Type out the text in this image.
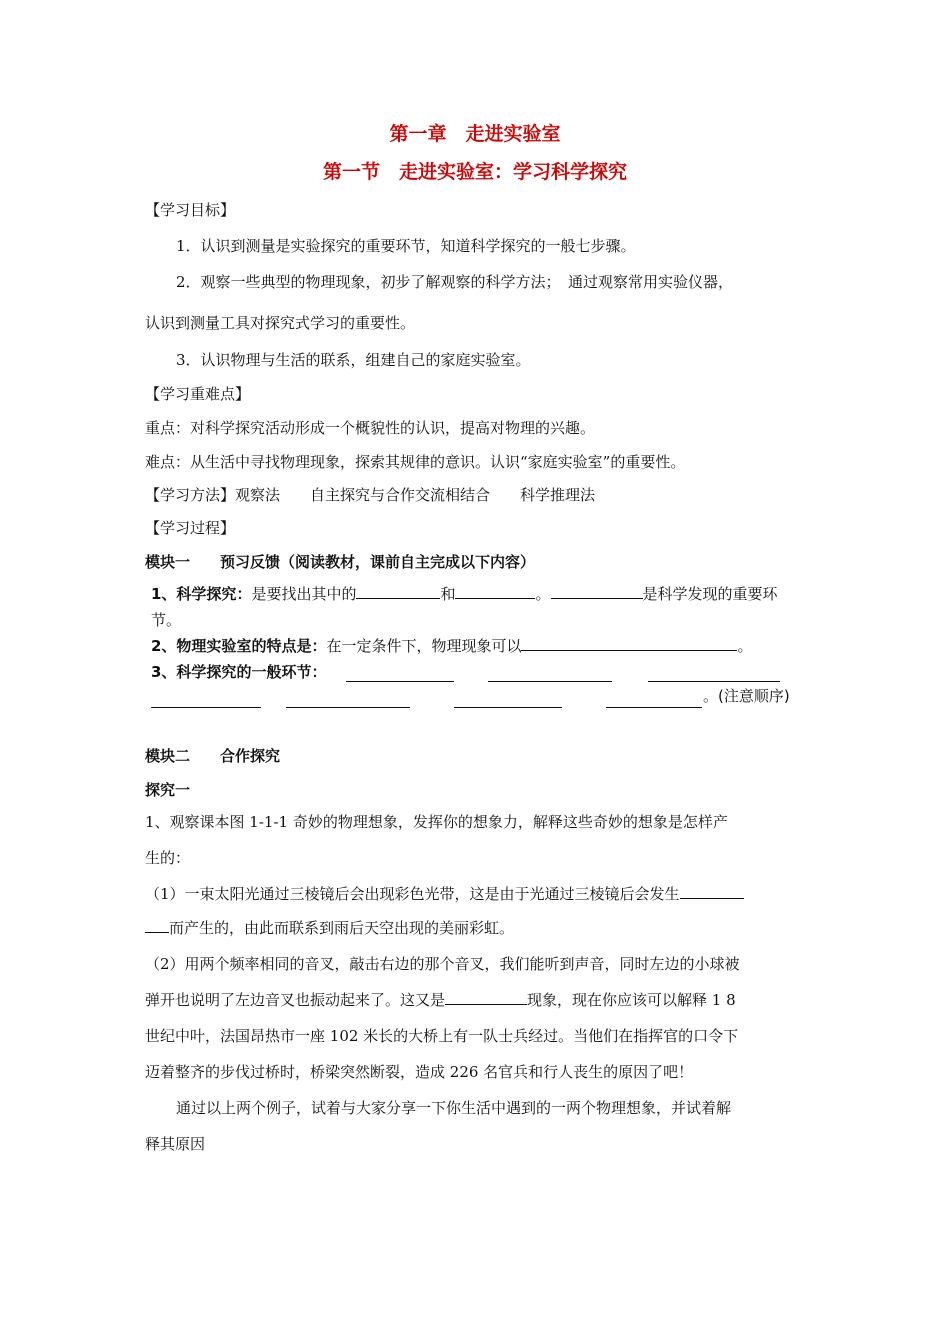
第一章　走进实验室
第一节　走进实验室：学习科学探究
【学习目标】
1．认识到测量是实验探究的重要环节，知道科学探究的一般七步骤。
2．观察一些典型的物理现象，初步了解观察的科学方法；　通过观察常用实验仪器，
认识到测量工具对探究式学习的重要性。
3．认识物理与生活的联系，组建自己的家庭实验室。
【学习重难点】
重点：对科学探究活动形成一个概貌性的认识，提高对物理的兴趣。
难点：从生活中寻找物理现象，探索其规律的意识。认识“家庭实验室”的重要性。
【学习方法】观察法　　自主探究与合作交流相结合　　科学推理法
【学习过程】
模块一　　预习反馈（阅读教材，课前自主完成以下内容）
1、科学探究：是要找出其中的	和	。	是科学发现的重要环
节。
2、物理实验室的特点是：在一定条件下，物理现象可以	。
3、科学探究的一般环节：
。(注意顺序)
模块二　　合作探究
探究一
1、观察课本图 1-1-1 奇妙的物理想象，发挥你的想象力，解释这些奇妙的想象是怎样产
生的：
（1）一束太阳光通过三棱镜后会出现彩色光带，这是由于光通过三棱镜后会发生
而产生的，由此而联系到雨后天空出现的美丽彩虹。
（2）用两个频率相同的音叉，敲击右边的那个音叉，我们能听到声音，同时左边的小球被
弹开也说明了左边音叉也振动起来了。这又是	现象，现在你应该可以解释 1 8
世纪中叶，法国昂热市一座 102 米长的大桥上有一队士兵经过。当他们在指挥官的口令下
迈着整齐的步伐过桥时，桥梁突然断裂，造成 226 名官兵和行人丧生的原因了吧！
通过以上两个例子，试着与大家分享一下你生活中遇到的一两个物理想象，并试着解
释其原因
